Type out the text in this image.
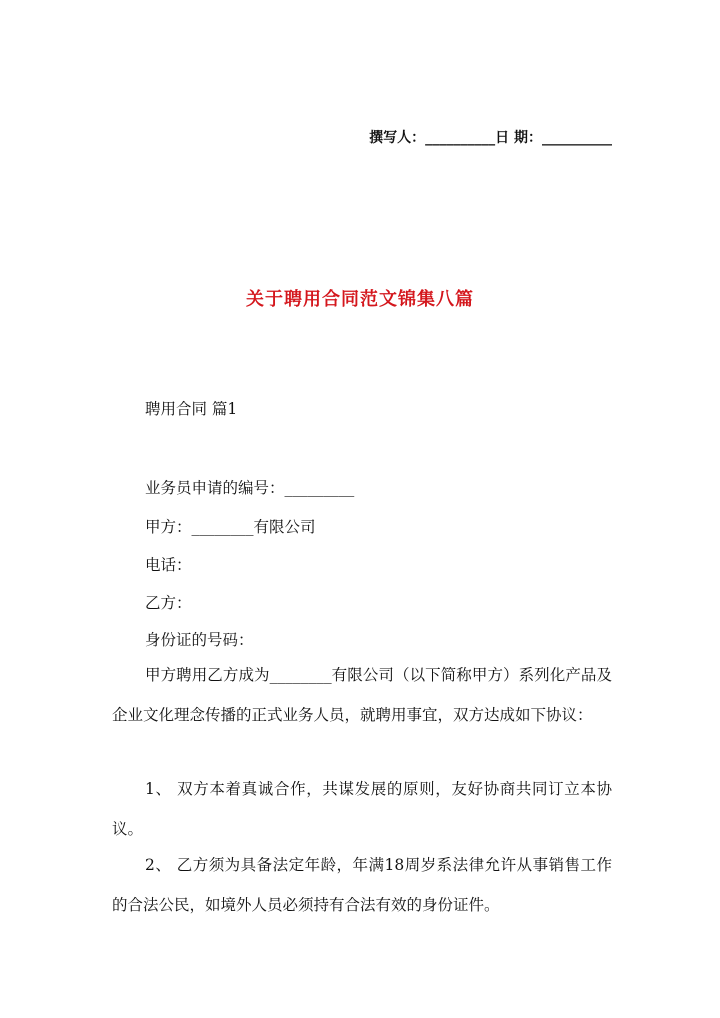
撰写人：__________日 期：__________
关于聘用合同范文锦集八篇
聘用合同 篇1
业务员申请的编号：_________
甲方：________有限公司
电话：
乙方：
身份证的号码：
甲方聘用乙方成为________有限公司（以下简称甲方）系列化产品及企业文化理念传播的正式业务人员，就聘用事宜，双方达成如下协议：
1、 双方本着真诚合作，共谋发展的原则，友好协商共同订立本协议。
2、 乙方须为具备法定年龄，年满18周岁系法律允许从事销售工作的合法公民，如境外人员必须持有合法有效的身份证件。
